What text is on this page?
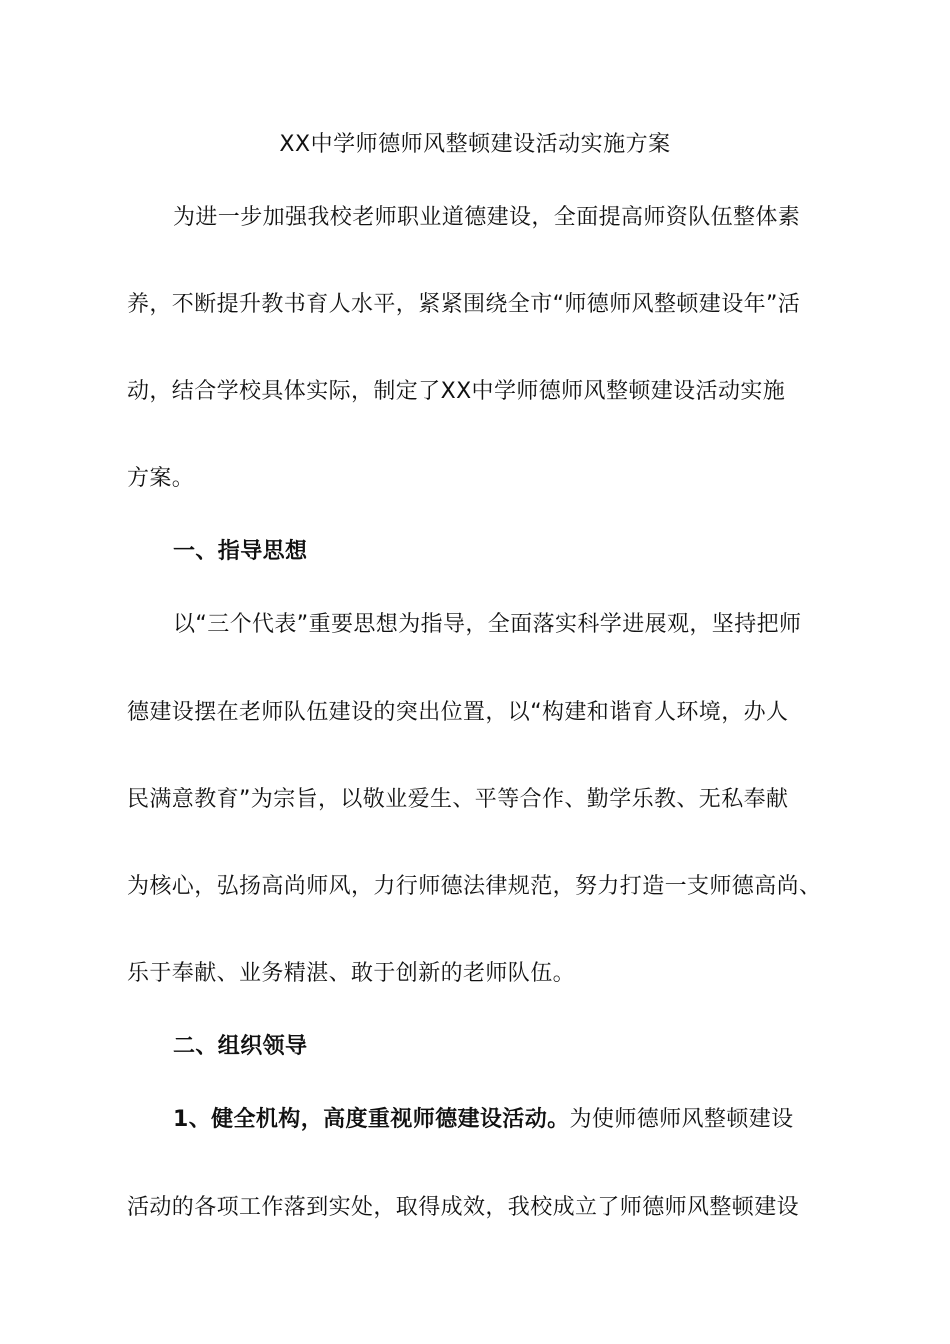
XX中学师德师风整顿建设活动实施方案
为进一步加强我校老师职业道德建设，全面提高师资队伍整体素
养，不断提升教书育人水平，紧紧围绕全市“师德师风整顿建设年”活
动，结合学校具体实际，制定了XX中学师德师风整顿建设活动实施
方案。
一、指导思想
以“三个代表”重要思想为指导，全面落实科学进展观，坚持把师
德建设摆在老师队伍建设的突出位置，以“构建和谐育人环境，办人
民满意教育”为宗旨，以敬业爱生、平等合作、勤学乐教、无私奉献
为核心，弘扬高尚师风，力行师德法律规范，努力打造一支师德高尚、
乐于奉献、业务精湛、敢于创新的老师队伍。
二、组织领导
1、健全机构，高度重视师德建设活动。为使师德师风整顿建设
活动的各项工作落到实处，取得成效，我校成立了师德师风整顿建设
